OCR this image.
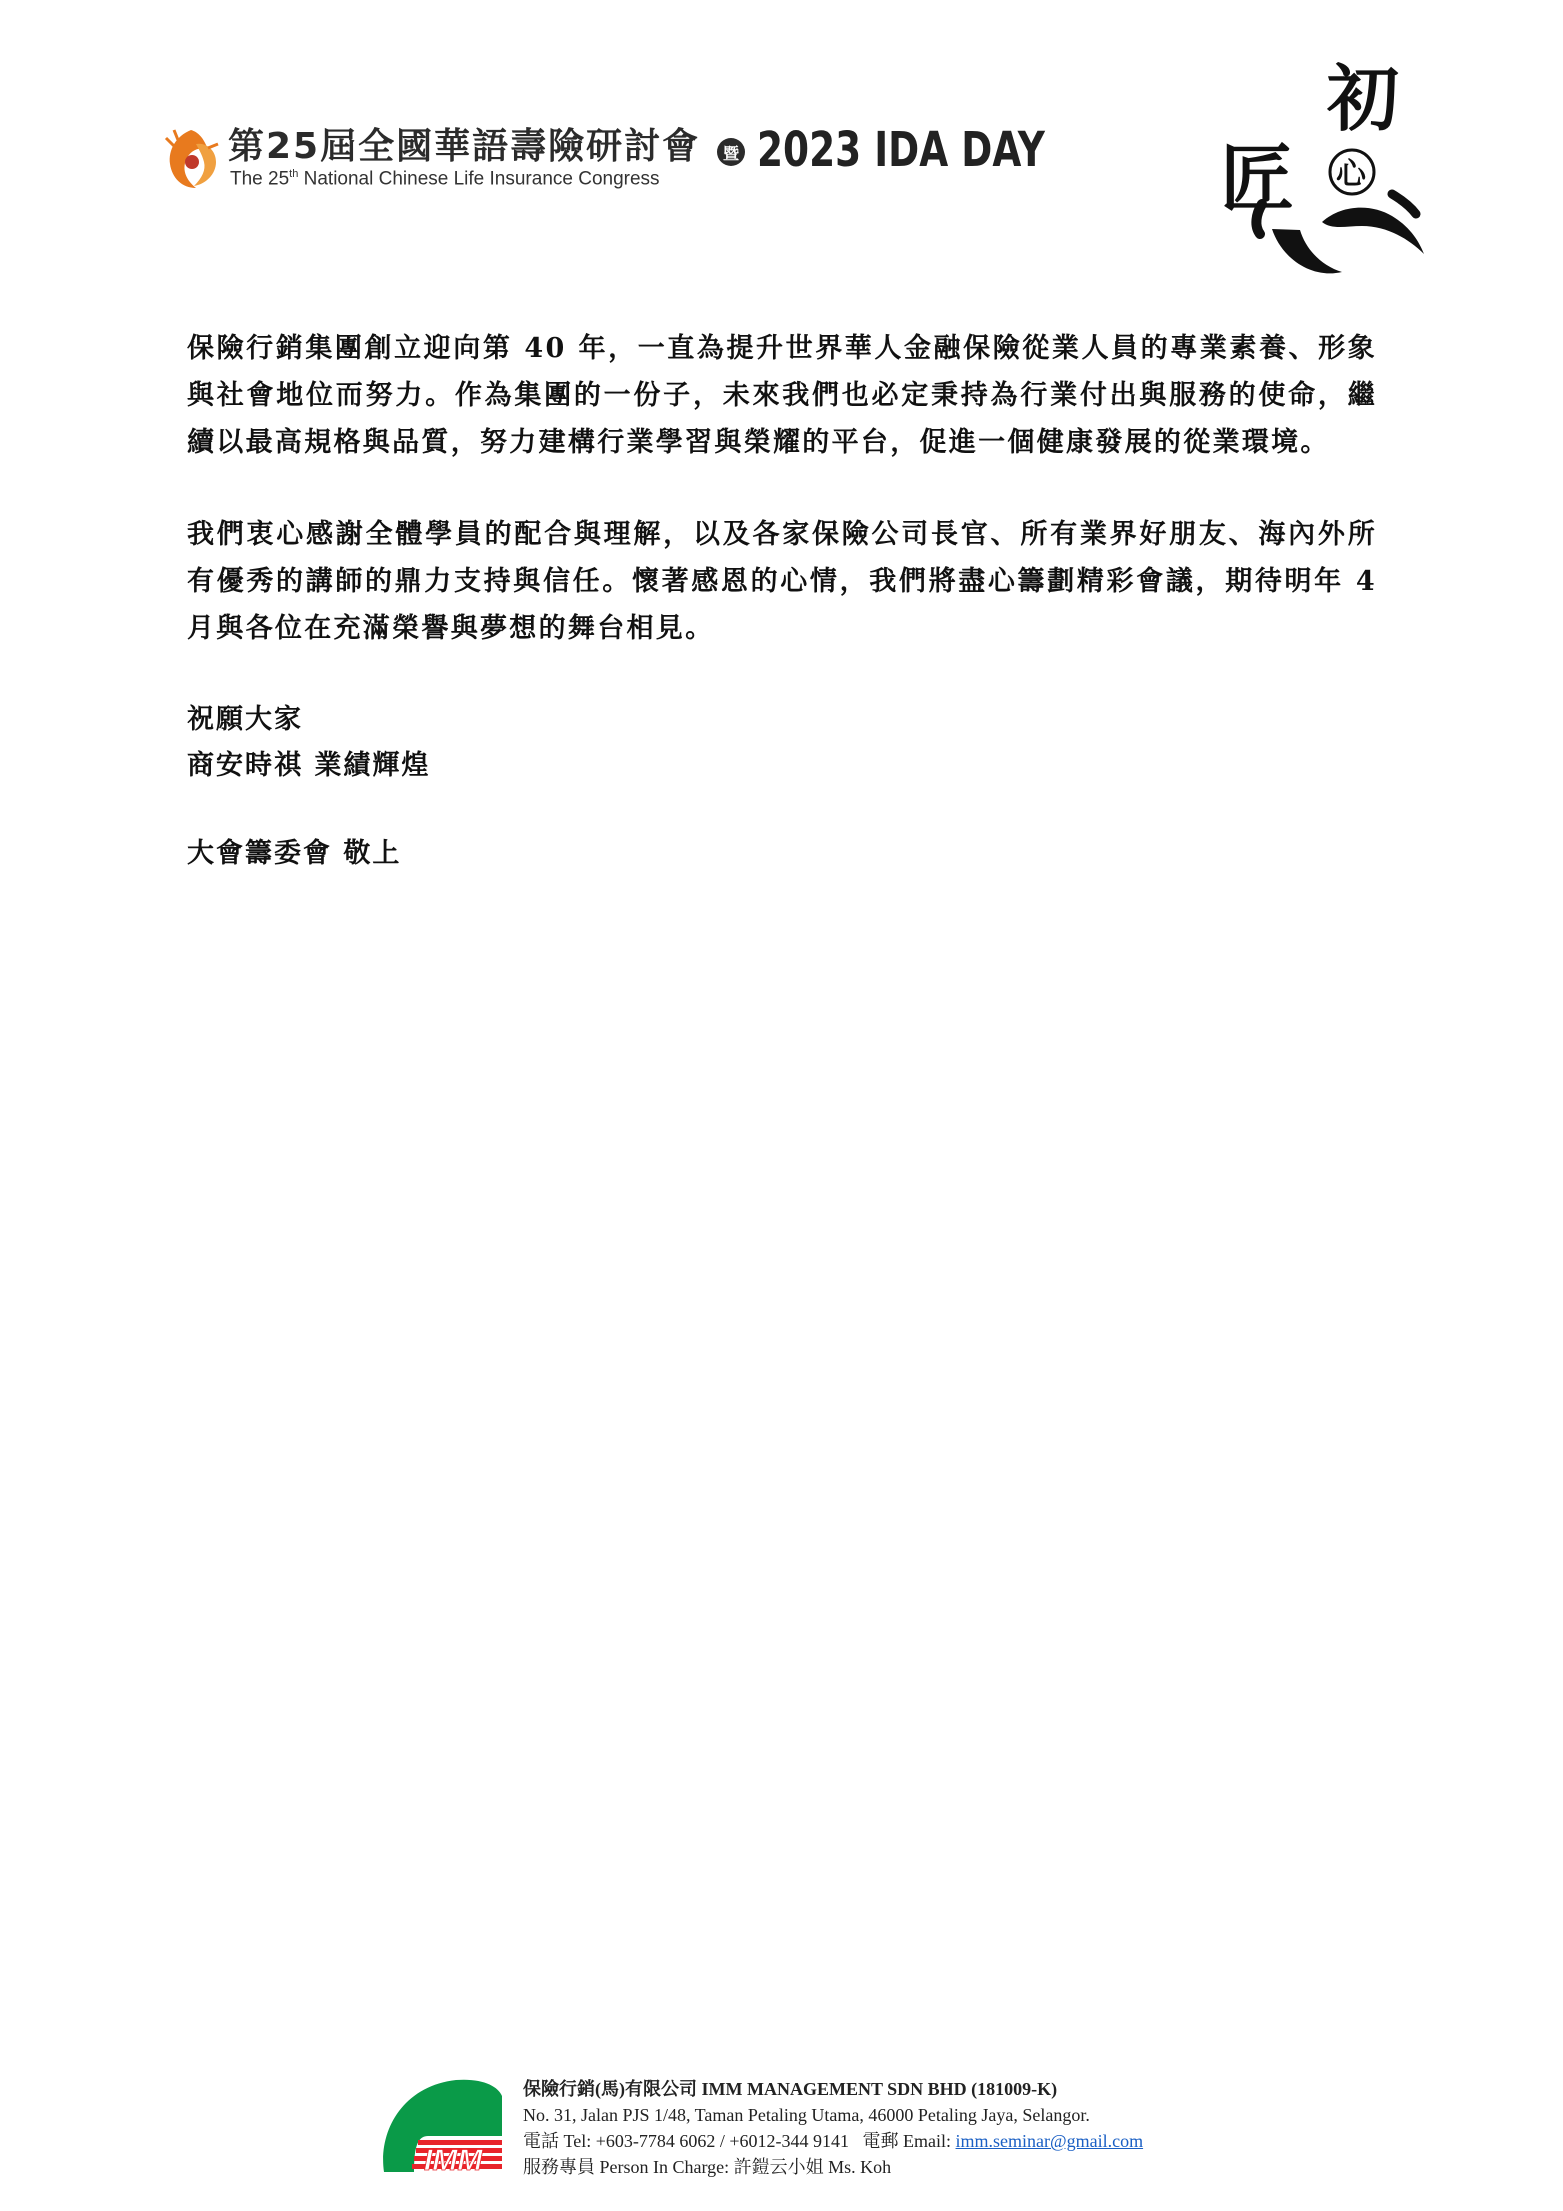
第25屆全國華語壽險研討會
The 25th National Chinese Life Insurance Congress
暨 2023 IDA DAY
初
匠 心

保險行銷集團創立迎向第 40 年，一直為提升世界華人金融保險從業人員的專業素養、形象與社會地位而努力。作為集團的一份子，未來我們也必定秉持為行業付出與服務的使命，繼續以最高規格與品質，努力建構行業學習與榮耀的平台，促進一個健康發展的從業環境。

我們衷心感謝全體學員的配合與理解，以及各家保險公司長官、所有業界好朋友、海內外所有優秀的講師的鼎力支持與信任。懷著感恩的心情，我們將盡心籌劃精彩會議，期待明年 4 月與各位在充滿榮譽與夢想的舞台相見。

祝願大家

商安時祺 業績輝煌

大會籌委會 敬上

IMM
保險行銷(馬)有限公司 IMM MANAGEMENT SDN BHD (181009-K)
No. 31, Jalan PJS 1/48, Taman Petaling Utama, 46000 Petaling Jaya, Selangor.
電話 Tel: +603-7784 6062 / +6012-344 9141 電郵 Email: imm.seminar@gmail.com
服務專員 Person In Charge: 許鎧云小姐 Ms. Koh
